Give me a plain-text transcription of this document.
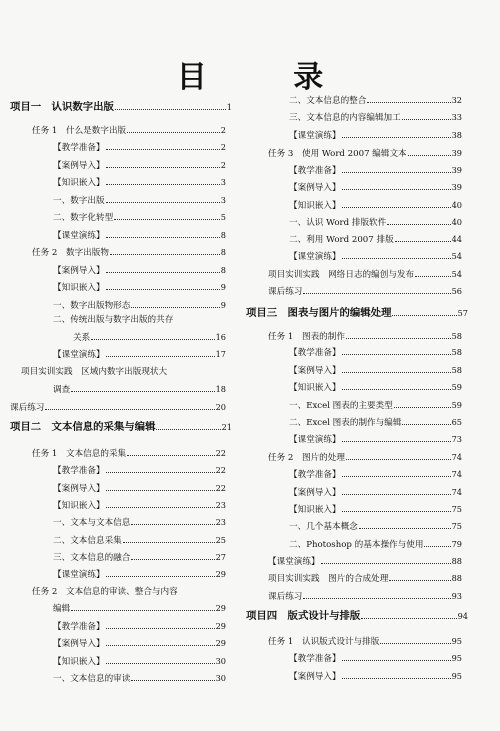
目 录
项目一　认识数字出版	1
任务 1　什么是数字出版	2
【教学准备】	2
【案例导入】	2
【知识嵌入】	3
一、数字出版	3
二、数字化转型	5
【课堂演练】	8
任务 2　数字出版物	8
【案例导入】	8
【知识嵌入】	9
一、数字出版物形态	9
二、传统出版与数字出版的共存
关系	16
【课堂演练】	17
项目实训实践　区域内数字出版现状大
调查	18
课后练习	20
项目二　文本信息的采集与编辑	21
任务 1　文本信息的采集	22
【教学准备】	22
【案例导入】	22
【知识嵌入】	23
一、文本与文本信息	23
二、文本信息采集	25
三、文本信息的融合	27
【课堂演练】	29
任务 2　文本信息的审读、整合与内容
编辑	29
【教学准备】	29
【案例导入】	29
【知识嵌入】	30
一、文本信息的审读	30
二、文本信息的整合	32
三、文本信息的内容编辑加工	33
【课堂演练】	38
任务 3　使用 Word 2007 编辑文本	39
【教学准备】	39
【案例导入】	39
【知识嵌入】	40
一、认识 Word 排版软件	40
二、利用 Word 2007 排版	44
【课堂演练】	54
项目实训实践　网络日志的编创与发布	54
课后练习	56
项目三　图表与图片的编辑处理	57
任务 1　图表的制作	58
【教学准备】	58
【案例导入】	58
【知识嵌入】	59
一、Excel 图表的主要类型	59
二、Excel 图表的制作与编辑	65
【课堂演练】	73
任务 2　图片的处理	74
【教学准备】	74
【案例导入】	74
【知识嵌入】	75
一、几个基本概念	75
二、Photoshop 的基本操作与使用	79
【课堂演练】	88
项目实训实践　图片的合成处理	88
课后练习	93
项目四　版式设计与排版	94
任务 1　认识版式设计与排版	95
【教学准备】	95
【案例导入】	95
